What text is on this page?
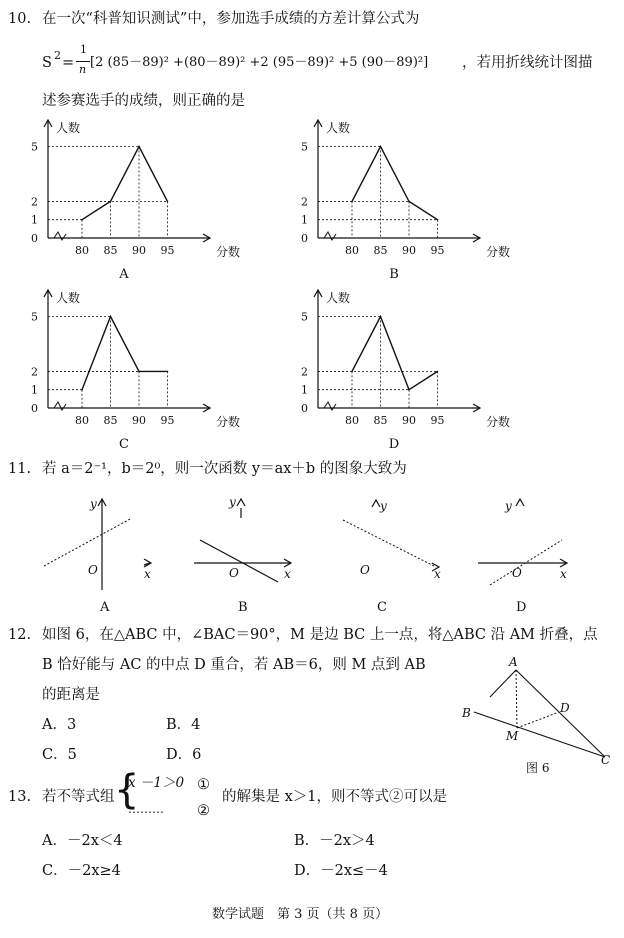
10. 在一次“科普知识测试”中，参加选手成绩的方差计算公式为
S 2 =
1
n [2 (85－89)² +(80－89)² +2 (95－89)² +5 (90－89)²] ，若用折线统计图描
述参赛选手的成绩，则正确的是
0
1
2
5
人数
80 85 90 95	分数
A
0
1
2
5
人数
80 85 90 95	分数
B
0
1
2
5
人数
80 85 90 95	分数
C
0
1
2
5
人数
80 85 90 95	分数
D
11. 若 a＝2⁻¹，b＝2⁰，则一次函数 y＝ax＋b 的图象大致为
y
x
O
A
y
x
O
B
y
x
O
C
y
x
O
D
12. 如图 6，在△ABC 中，∠BAC＝90°，M 是边 BC 上一点，将△ABC 沿 AM 折叠，点
B 恰好能与 AC 的中点 D 重合，若 AB＝6，则 M 点到 AB
的距离是
A．3	B．4
C．5	D．6
A
B
C
D
M
图 6
13. 若不等式组 {
x －1＞0
………
①
②
的解集是 x＞1，则不等式②可以是
A．－2x＜4	B．－2x＞4
C．－2x≥4	D．－2x≤－4
数学试题　第 3 页（共 8 页）
